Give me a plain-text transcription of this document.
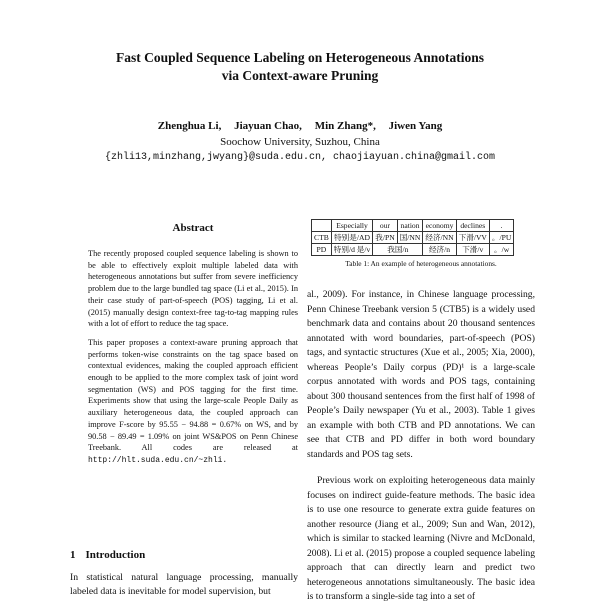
Fast Coupled Sequence Labeling on Heterogeneous Annotations
via Context-aware Pruning
Zhenghua Li, Jiayuan Chao, Min Zhang*, Jiwen Yang
Soochow University, Suzhou, China
{zhli13,minzhang,jwyang}@suda.edu.cn, chaojiayuan.china@gmail.com
Abstract

The recently proposed coupled sequence labeling is shown to be able to effectively exploit multiple labeled data with heterogeneous annotations but suffer from severe inefficiency problem due to the large bundled tag space (Li et al., 2015). In their case study of part-of-speech (POS) tagging, Li et al. (2015) manually design context-free tag-to-tag mapping rules with a lot of effort to reduce the tag space.

This paper proposes a context-aware pruning approach that performs token-wise constraints on the tag space based on contextual evidences, making the coupled approach efficient enough to be applied to the more complex task of joint word segmentation (WS) and POS tagging for the first time. Experiments show that using the large-scale People Daily as auxiliary heterogeneous data, the coupled approach can improve F-score by 95.55 − 94.88 = 0.67% on WS, and by 90.58 − 89.49 = 1.09% on joint WS&POS on Penn Chinese Treebank. All codes are released at http://hlt.suda.edu.cn/~zhli.

1 Introduction
In statistical natural language processing, manually labeled data is inevitable for model supervision, but
	Especially	our	nation	economy	declines	.
CTB	特别是/AD	我/PN	国/NN	经济/NN	下滑/VV	。/PU
PD	特别/d 是/v	我国/n		经济/n	下滑/v	。/w
Table 1: An example of heterogeneous annotations.

al., 2009). For instance, in Chinese language processing, Penn Chinese Treebank version 5 (CTB5) is a widely used benchmark data and contains about 20 thousand sentences annotated with word boundaries, part-of-speech (POS) tags, and syntactic structures (Xue et al., 2005; Xia, 2000), whereas People’s Daily corpus (PD)¹ is a large-scale corpus annotated with words and POS tags, containing about 300 thousand sentences from the first half of 1998 of People’s Daily newspaper (Yu et al., 2003). Table 1 gives an example with both CTB and PD annotations. We can see that CTB and PD differ in both word boundary standards and POS tag sets.

Previous work on exploiting heterogeneous data mainly focuses on indirect guide-feature methods. The basic idea is to use one resource to generate extra guide features on another resource (Jiang et al., 2009; Sun and Wan, 2012), which is similar to stacked learning (Nivre and McDonald, 2008). Li et al. (2015) propose a coupled sequence labeling approach that can directly learn and predict two heterogeneous annotations simultaneously. The basic idea is to transform a single-side tag into a set of
